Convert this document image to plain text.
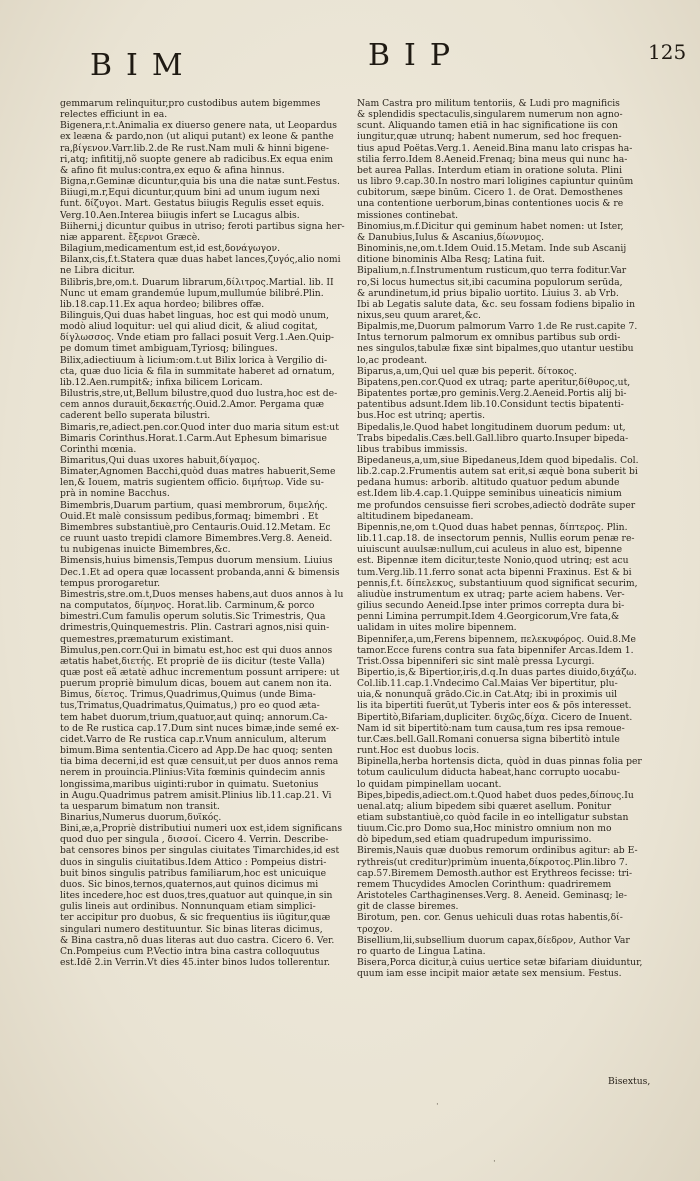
BIM	BIP	125
gemmarum relinquitur,pro custodibus autem bigemmes
relectes efficiunt in ea.
Bigenera,r.t.Animalia ex diuerso genere nata, ut Leopardus
ex leæna & pardo,non (ut aliqui putant) ex leone & panthe
ra,βίγενον.Varr.lib.2.de Re rust.Nam muli & hinni bigene-
ri,atq; infititij,nõ suopte genere ab radicibus.Ex equa enim
& afino fit mulus:contra,ex equo & afina hinnus.
Bigna,r.Geminæ dicuntur,quia bis una die natæ sunt.Festus.
Biiugi,m.r,Equi dicuntur,quum bini ad unum iugum nexi
funt. δίζυγοι. Mart. Gestatus biiugis Regulis esset equis.
Verg.10.Aen.Interea biiugis infert se Lucagus albis.
Biiherni,j dicuntur quibus in utriso; feroti partibus signa her-
niæ apparent. ἔξερνοι Græcè.
Bilagium,medicamentum est,id est,δονάγωγον.
Bilanx,cis,f.t.Statera quæ duas habet lances,ζυγός,alio nomi
ne Libra dicitur.
Bilibris,bre,om.t. Duarum librarum,δίλιτρος.Martial. lib. II
Nunc ut emam grandemúe lupum,mullumúe bilibré.Plin.
lib.18.cap.11.Ex aqua hordeo; bilibres offæ.
Bilinguis,Qui duas habet linguas, hoc est qui modò unum,
modò aliud loquitur: uel qui aliud dicit, & aliud cogitat,
δίγλωσσος. Vnde etiam pro fallaci posuit Verg.1.Aen.Quip-
pe domum timet ambiguam,Tyriosq; bilingues.
Bilix,adiectiuum à licium:om.t.ut Bilix lorica à Vergilio di-
cta, quæ duo licia & fila in summitate haberet ad ornatum,
lib.12.Aen.rumpit&; infixa bilicem Loricam.
Bilustris,stre,ut,Bellum bilustre,quod duo lustra,hoc est de-
cem annos durauit,δεκαετής.Ouid.2.Amor. Pergama quæ
caderent bello superata bilustri.
Bimaris,re,adiect.pen.cor.Quod inter duo maria situm est:ut
Bimaris Corinthus.Horat.1.Carm.Aut Ephesum bimarisue
Corinthi mœnia.
Bimaritus,Qui duas uxores habuit,δίγαμος.
Bimater,Agnomen Bacchi,quòd duas matres habuerit,Seme
len,& Iouem, matris sugientem officio. διμήτωρ. Vide su-
prà in nomine Bacchus.
Bimembris,Duarum partium, quasi membrorum, διμελής.
Ouid.Et malè consissum pedibus,formaq; bimembri . Et
Bimembres substantiuè,pro Centauris.Ouid.12.Metam. Ec
ce ruunt uasto trepidi clamore Bimembres.Verg.8. Aeneid.
tu nubigenas inuicte Bimembres,&c.
Bimensis,huius bimensis,Tempus duorum mensium. Liuius
Dec.1.Et ad opera quæ locassent probanda,anni & bimensis
tempus prorogaretur.
Bimestris,stre.om.t,Duos menses habens,aut duos annos à lu
na computatos, δίμηνος. Horat.lib. Carminum,& porco
bimestri.Cum famulis operum solutis.Sic Trimestris, Qua
drimestris,Quinquemestris. Plin. Castrari agnos,nisi quin-
quemestres,præmaturum existimant.
Bimulus,pen.corr.Qui in bimatu est,hoc est qui duos annos
ætatis habet,διετής. Et propriè de iis dicitur (teste Valla)
quæ post eã ætatè adhuc incrementum possunt arripere: ut
puerum propriè bimulum dicas, bouem aut canem non ita.
Bimus, δίετος. Trimus,Quadrimus,Quimus (unde Bima-
tus,Trimatus,Quadrimatus,Quimatus,) pro eo quod æta-
tem habet duorum,trium,quatuor,aut quinq; annorum.Ca-
to de Re rustica cap.17.Dum sint nuces bimæ,inde semé ex-
cidet.Varro de Re rustica cap.r.Vnum anniculum, alterum
bimum.Bima sententia.Cicero ad App.De hac quoq; senten
tia bima decerni,id est quæ censuit,ut per duos annos rema
nerem in prouincia.Plinius:Vita fœminis quindecim annis
longissima,maribus uiginti:rubor in quimatu. Suetonius
in Augu.Quadrimus patrem amisit.Plinius lib.11.cap.21. Vi
ta uesparum bimatum non transit.
Binarius,Numerus duorum,δυϊκός.
Bini,æ,a,Propriè distributiui numeri uox est,idem significans
quod duo per singula , δισσοί. Cicero 4. Verrin. Describe-
bat censores binos per singulas ciuitates Timarchides,id est
duos in singulis ciuitatibus.Idem Attico : Pompeius distri-
buit binos singulis patribus familiarum,hoc est unicuique
duos. Sic binos,ternos,quaternos,aut quinos dicimus mi
lites incedere,hoc est duos,tres,quatuor aut quinque,in sin
gulis lineis aut ordinibus. Nonnunquam etiam simplici-
ter accipitur pro duobus, & sic frequentius iis iūgitur,quæ
singulari numero destituuntur. Sic binas literas dicimus,
& Bina castra,nõ duas literas aut duo castra. Cicero 6. Ver.
Cn.Pompeius cum P.Vectio intra bina castra colloquutus
est.Idē 2.in Verrin.Vt dies 45.inter binos ludos tollerentur.
Nam Castra pro militum tentoriis, & Ludi pro magnificis
& splendidis spectaculis,singularem numerum non agno-
scunt. Aliquando tamen etiā in hac significatione iis con
iungitur,quæ utrunq; habent numerum, sed hoc frequen-
tius apud Poëtas.Verg.1. Aeneid.Bina manu lato crispas ha-
stilia ferro.Idem 8.Aeneid.Frenaq; bina meus qui nunc ha-
bet aurea Pallas. Interdum etiam in oratione soluta. Plini
us libro 9.cap.30.In nostro mari loligines capiuntur quinūm
cubitorum, sæpe binūm. Cicero 1. de Orat. Demosthenes
una contentione uerborum,binas contentiones uocis & re
missiones continebat.
Binomius,m.f.Dicitur qui geminum habet nomen: ut Ister,
& Danubius,Iulus & Ascanius,δίωνυμος.
Binominis,ne,om.t.Idem Ouid.15.Metam. Inde sub Ascanij
ditione binominis Alba Resq; Latina fuit.
Bipalium,n.f.Instrumentum rusticum,quo terra foditur.Var
ro,Si locus humectus sit,ibi cacumina populorum serūda,
& arundinetum,id prius bipalio uortito. Liuius 3. ab Vrb.
Ibi ab Legatis salute data, &c. seu fossam fodiens bipalio in
nixus,seu quum araret,&c.
Bipalmis,me,Duorum palmorum Varro 1.de Re rust.capite 7.
Intus ternorum palmorum ex omnibus partibus sub ordi-
nes singulos,tabulæ fixæ sint bipalmes,quo utantur uestibu
lo,ac prodeant.
Biparus,a,um,Qui uel quæ bis peperit. δίτοκος.
Bipatens,pen.cor.Quod ex utraq; parte aperitur,δίθυρος,ut,
Bipatentes portæ,pro geminis.Verg.2.Aeneid.Portis alij bi-
patentibus adsunt.Idem lib.10.Considunt tectis bipatenti-
bus.Hoc est utrinq; apertis.
Bipedalis,le.Quod habet longitudinem duorum pedum: ut,
Trabs bipedalis.Cæs.bell.Gall.libro quarto.Insuper bipeda-
libus trabibus immissis.
Bipedaneus,a,um,siue Bipedaneus,Idem quod bipedalis. Col.
lib.2.cap.2.Frumentis autem sat erit,si æquè bona suberit bi
pedana humus: arborib. altitudo quatuor pedum abunde
est.Idem lib.4.cap.1.Quippe seminibus uineaticis nimium
me profundos censuisse fieri scrobes,adiectò dodrāte super
altitudinem bipedaneam.
Bipennis,ne,om t.Quod duas habet pennas, δίπτερος. Plin.
lib.11.cap.18. de insectorum pennis, Nullis eorum penæ re-
uiuiscunt auulsæ:nullum,cui aculeus in aluo est, bipenne
est. Bipennæ item dicitur,teste Nonio,quod utrinq; est acu
tum.Verg.lib.11.ferro sonat acta bipenni Fraxinus. Est & bi
pennis,f.t. δίπελεκυς, substantiuum quod significat securim,
aliudùe instrumentum ex utraq; parte aciem habens. Ver-
gilius secundo Aeneid.Ipse inter primos correpta dura bi-
penni Limina perrumpit.Idem 4.Georgicorum,Vre fata,&
ualidam in uites molire bipennem.
Bipennifer,a,um,Ferens bipennem, πελεκυφόρος. Ouid.8.Me
tamor.Ecce furens contra sua fata bipennifer Arcas.Idem 1.
Trist.Ossa bipenniferi sic sint malè pressa Lycurgi.
Bipertio,is,& Bipertior,iris,d.q.In duas partes diuido,διχάζω.
Col.lib.11.cap.1.Vndecimo Cal.Maias Ver bipertitur, plu-
uia,& nonunquã grādo.Cic.in Cat.Atq; ibi in proximis uil
lis ita bipertiti fuerūt,ut Tyberis inter eos & pōs interesset.
Bipertitò,Bifariam,dupliciter. διχῶς,δίχα. Cicero de Inuent.
Nam id sit bipertitò:nam tum causa,tum res ipsa remoue-
tur.Cæs.bell.Gall.Romani conuersa signa bibertitò intule
runt.Hoc est duobus locis.
Bipinella,herba hortensis dicta, quòd in duas pinnas folia per
totum cauliculum diducta habeat,hanc corrupto uocabu-
lo quidam pimpinellam uocant.
Bipes,bipedis,adiect.om.t.Quod habet duos pedes,δίπους.Iu
uenal.atq; alium bipedem sibi quæret asellum. Ponitur
etiam substantiuè,co quòd facile in eo intelligatur substan
tiuum.Cic.pro Domo sua,Hoc ministro omnium non mo
dò bipedum,sed etiam quadrupedum impurissimo.
Biremis,Nauis quæ duobus remorum ordinibus agitur: ab E-
rythreis(ut creditur)primùm inuenta,δίκροτος.Plin.libro 7.
cap.57.Biremem Demosth.author est Erythreos fecisse: tri-
remem Thucydides Amoclen Corinthum: quadriremem
Aristoteles Carthaginenses.Verg. 8. Aeneid. Geminasq; le-
git de classe biremes.
Birotum, pen. cor. Genus uehiculi duas rotas habentis,δί-
τροχον.
Bisellium,lii,subsellium duorum capax,δίεδρον, Author Var
ro quarto de Lingua Latina.
Bisera,Porca dicitur,à cuius uertice setæ bifariam diuiduntur,
quum iam esse incipit maior ætate sex mensium. Festus.
Bisextus,
·
·
